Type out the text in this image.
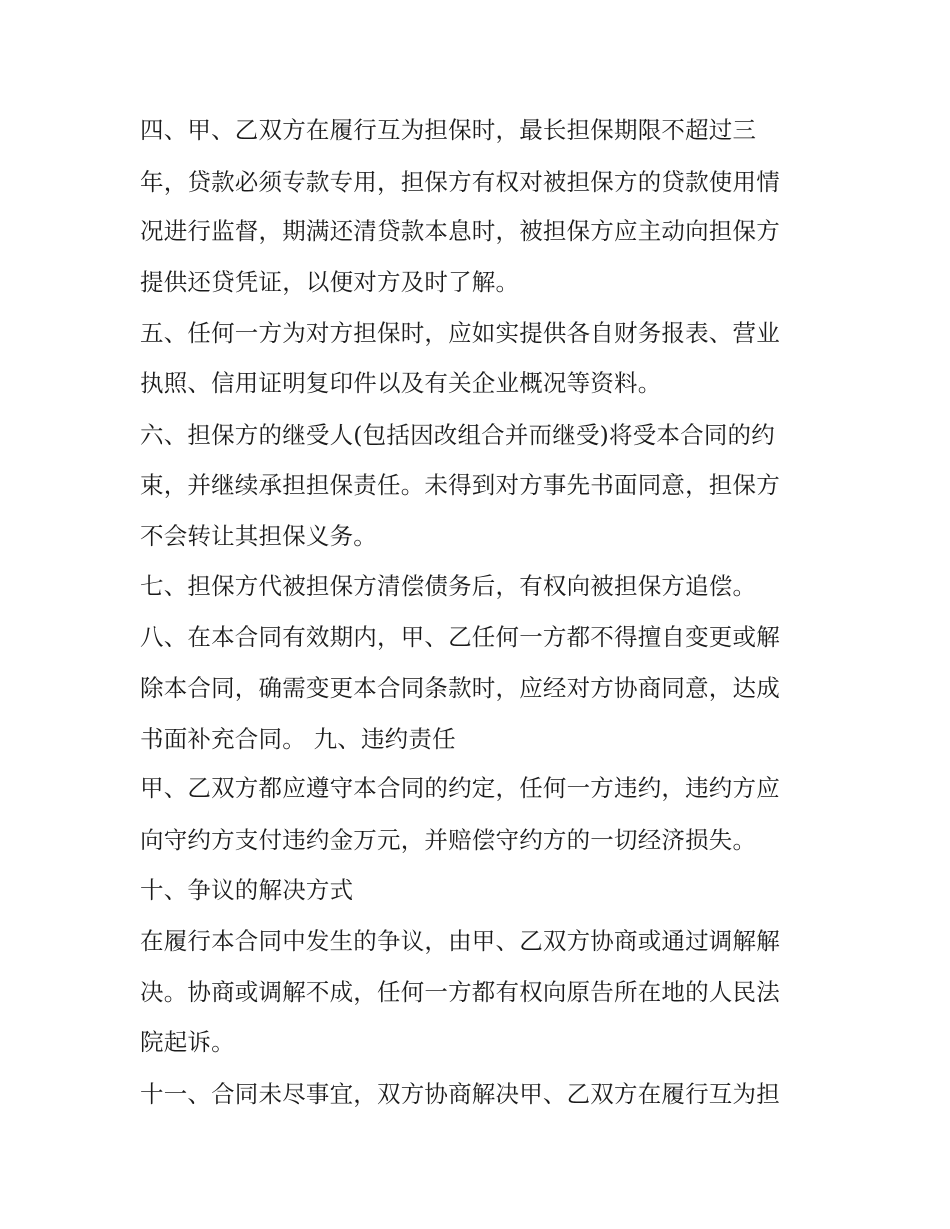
四、甲、乙双方在履行互为担保时，最长担保期限不超过三
年，贷款必须专款专用，担保方有权对被担保方的贷款使用情
况进行监督，期满还清贷款本息时，被担保方应主动向担保方
提供还贷凭证，以便对方及时了解。
五、任何一方为对方担保时，应如实提供各自财务报表、营业
执照、信用证明复印件以及有关企业概况等资料。
六、担保方的继受人(包括因改组合并而继受)将受本合同的约
束，并继续承担担保责任。未得到对方事先书面同意，担保方
不会转让其担保义务。
七、担保方代被担保方清偿债务后，有权向被担保方追偿。
八、在本合同有效期内，甲、乙任何一方都不得擅自变更或解
除本合同，确需变更本合同条款时，应经对方协商同意，达成
书面补充合同。 九、违约责任
甲、乙双方都应遵守本合同的约定，任何一方违约，违约方应
向守约方支付违约金万元，并赔偿守约方的一切经济损失。
十、争议的解决方式
在履行本合同中发生的争议，由甲、乙双方协商或通过调解解
决。协商或调解不成，任何一方都有权向原告所在地的人民法
院起诉。
十一、合同未尽事宜，双方协商解决甲、乙双方在履行互为担
